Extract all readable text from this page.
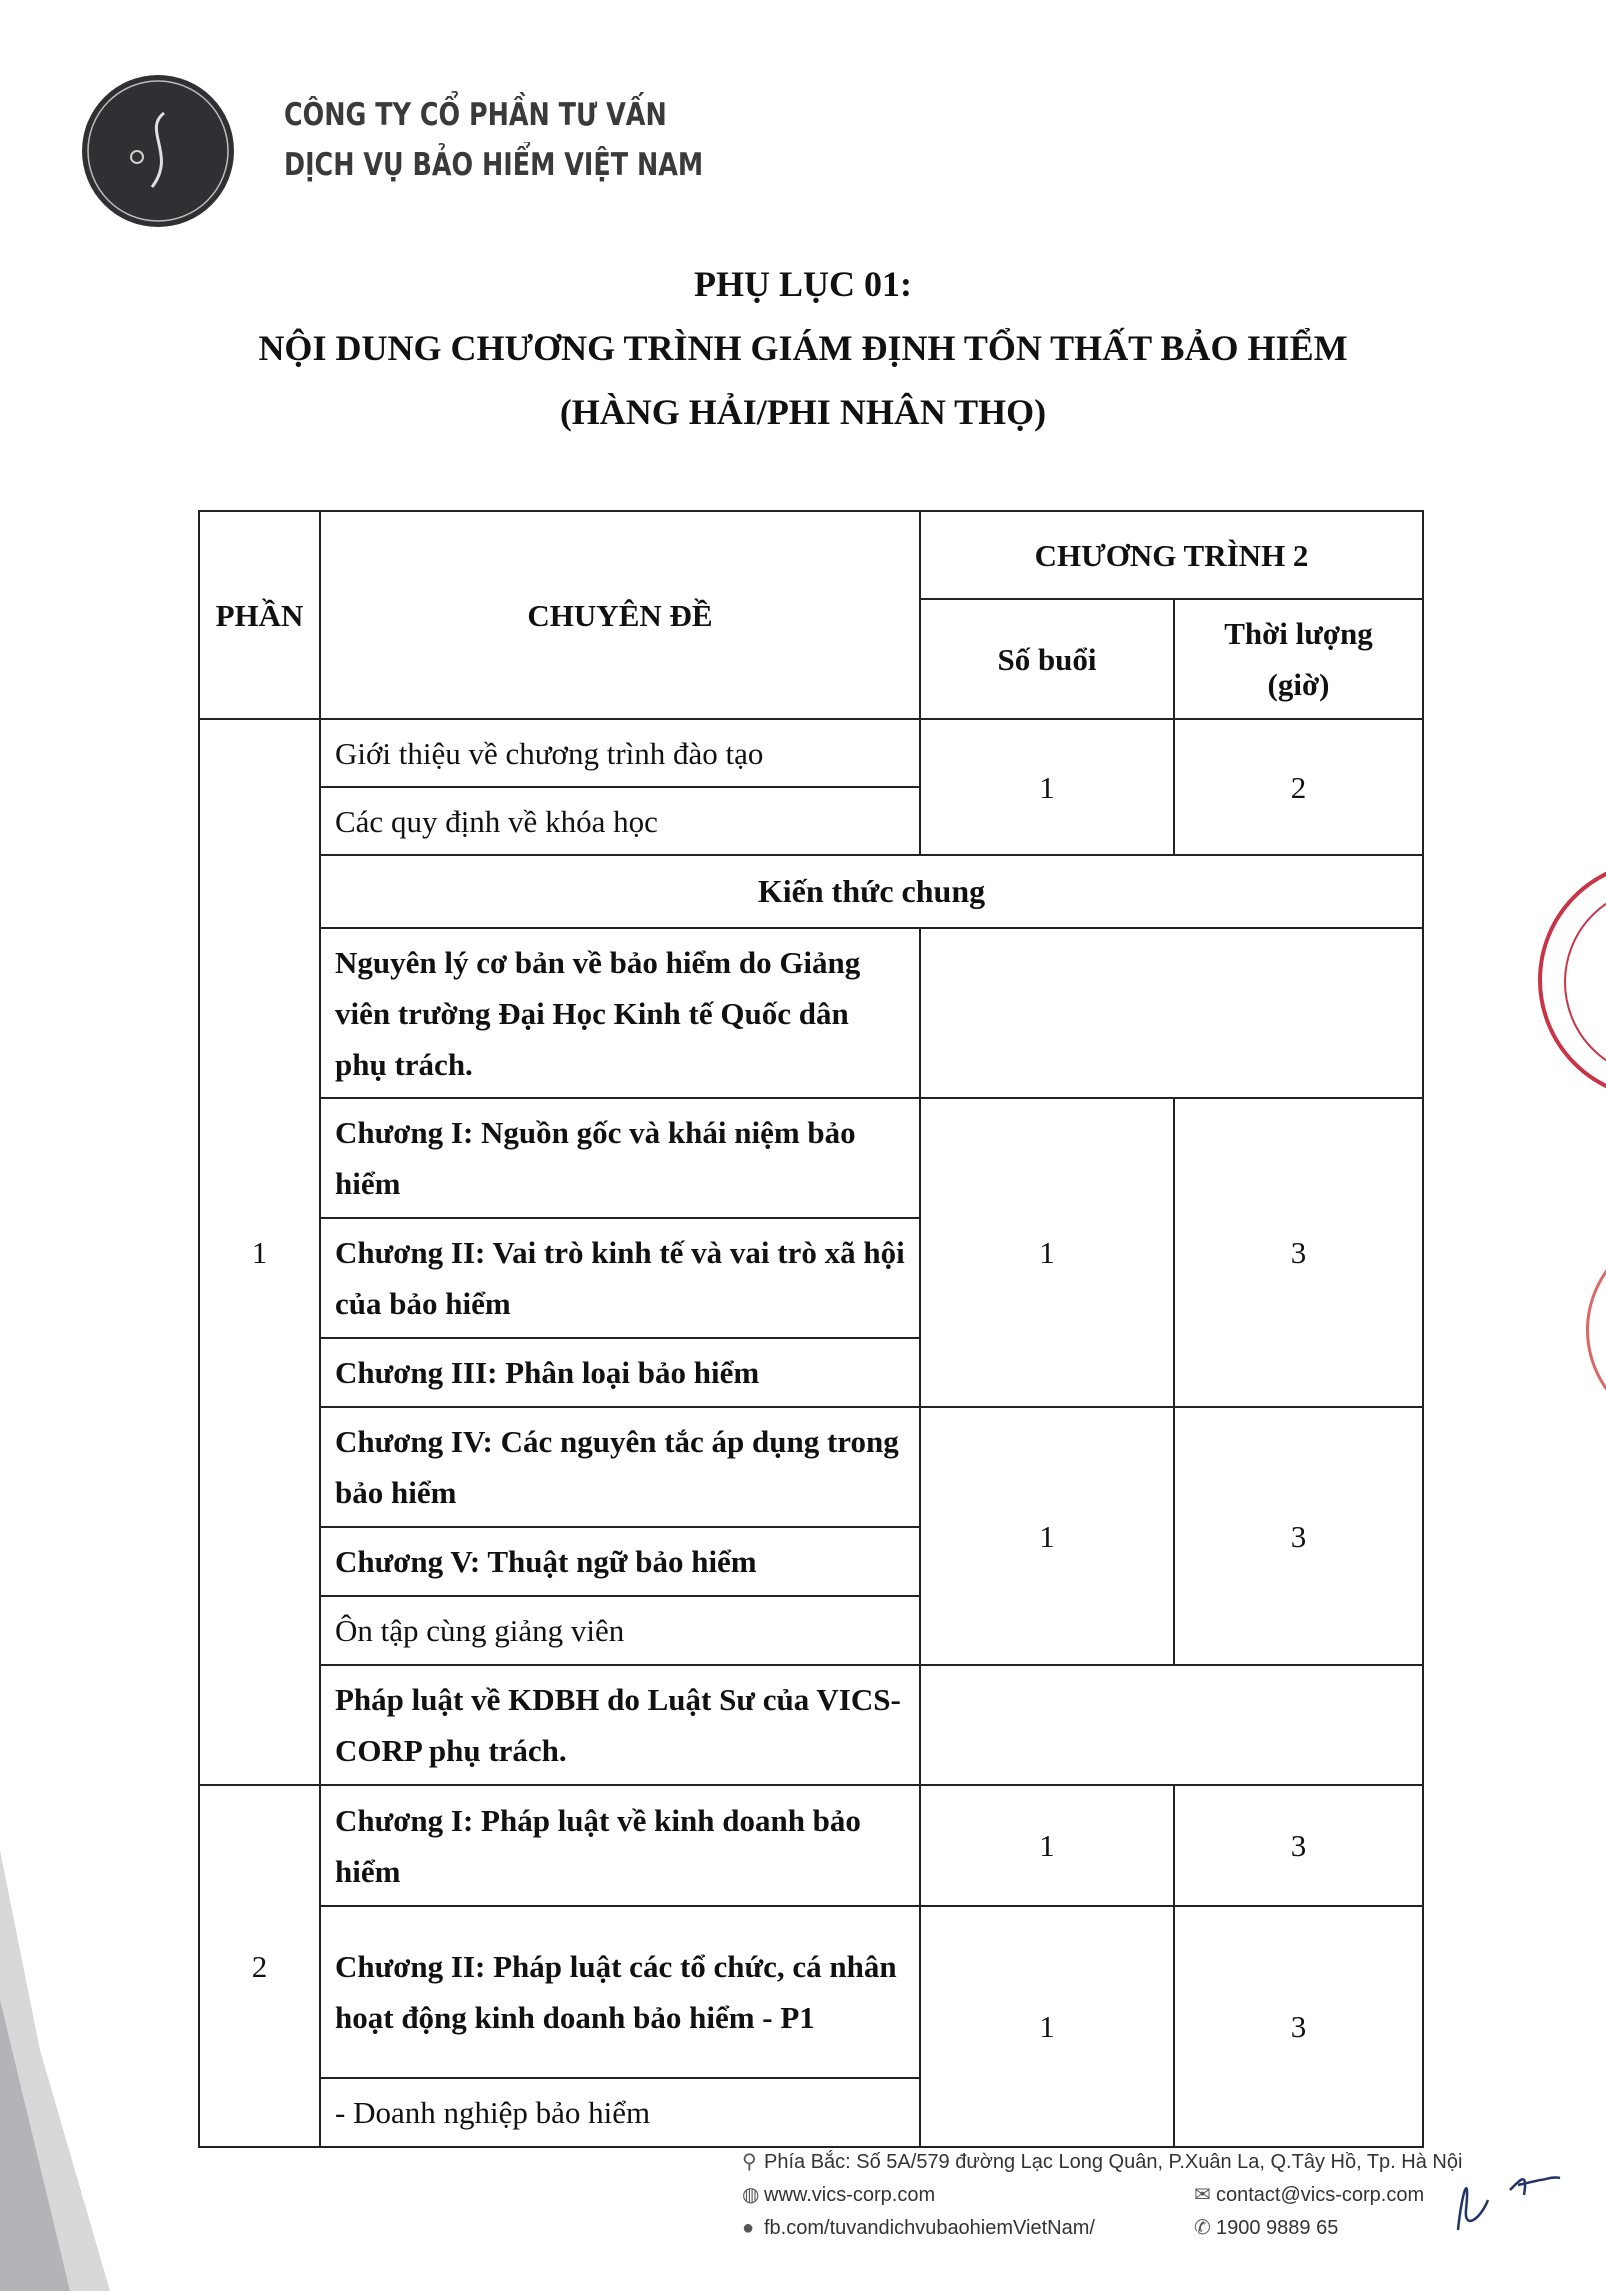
CÔNG TY CỔ PHẦN TƯ VẤN
DỊCH VỤ BẢO HIỂM VIỆT NAM
PHỤ LỤC 01:
NỘI DUNG CHƯƠNG TRÌNH GIÁM ĐỊNH TỔN THẤT BẢO HIỂM
(HÀNG HẢI/PHI NHÂN THỌ)
PHẦN	CHUYÊN ĐỀ	CHƯƠNG TRÌNH 2	
		Số buổi	Thời lượng
(giờ)
1	Giới thiệu về chương trình đào tạo	1	2
	Các quy định về khóa học		
	Kiến thức chung		
	Nguyên lý cơ bản về bảo hiểm do Giảng viên trường Đại Học Kinh tế Quốc dân phụ trách.		
	Chương I: Nguồn gốc và khái niệm bảo hiểm	1	3
	Chương II: Vai trò kinh tế và vai trò xã hội của bảo hiểm		
	Chương III: Phân loại bảo hiểm		
	Chương IV: Các nguyên tắc áp dụng trong bảo hiểm	1	3
	Chương V: Thuật ngữ bảo hiểm		
	Ôn tập cùng giảng viên		
	Pháp luật về KDBH do Luật Sư của VICS-CORP phụ trách.		
2	Chương I: Pháp luật về kinh doanh bảo hiểm	1	3
	Chương II: Pháp luật các tổ chức, cá nhân hoạt động kinh doanh bảo hiểm - P1	1	3
	- Doanh nghiệp bảo hiểm		
⚲ Phía Bắc: Số 5A/579 đường Lạc Long Quân, P.Xuân La, Q.Tây Hồ, Tp. Hà Nội
◍ www.vics-corp.com	✉ contact@vics-corp.com
● fb.com/tuvandichvubaohiemVietNam/	✆ 1900 9889 65
